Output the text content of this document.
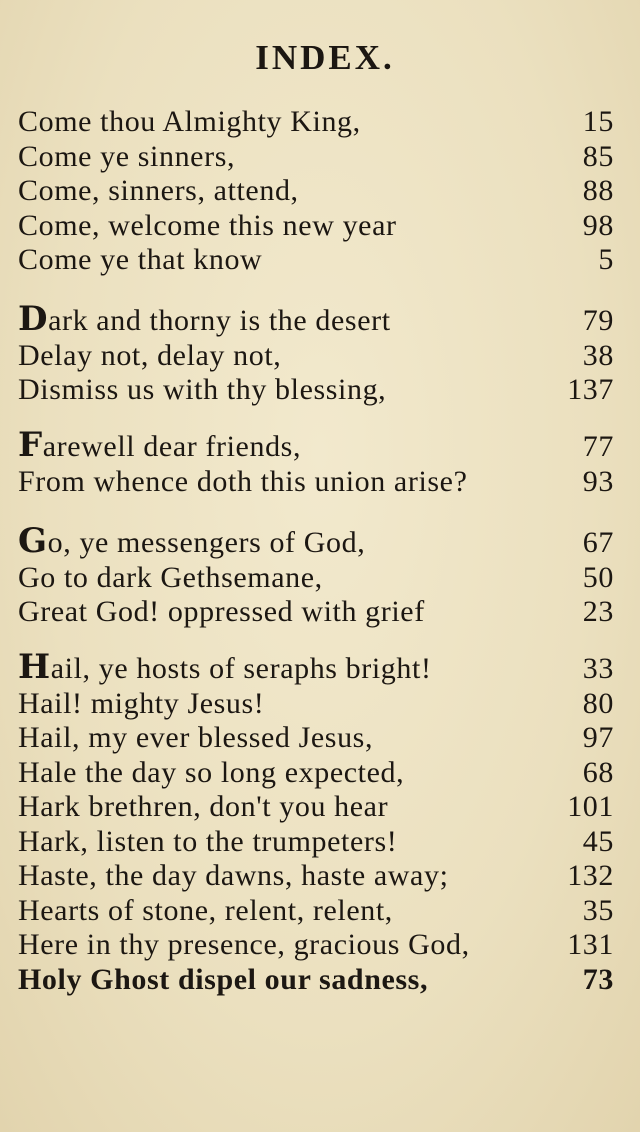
INDEX.
Come thou Almighty King,	15
Come ye sinners,	85
Come, sinners, attend,	88
Come, welcome this new year	98
Come ye that know	5
Dark and thorny is the desert	79
Delay not, delay not,	38
Dismiss us with thy blessing,	137
Farewell dear friends,	77
From whence doth this union arise?	93
Go, ye messengers of God,	67
Go to dark Gethsemane,	50
Great God! oppressed with grief	23
Hail, ye hosts of seraphs bright!	33
Hail! mighty Jesus!	80
Hail, my ever blessed Jesus,	97
Hale the day so long expected,	68
Hark brethren, don't you hear	101
Hark, listen to the trumpeters!	45
Haste, the day dawns, haste away;	132
Hearts of stone, relent, relent,	35
Here in thy presence, gracious God,	131
Holy Ghost dispel our sadness,	73
